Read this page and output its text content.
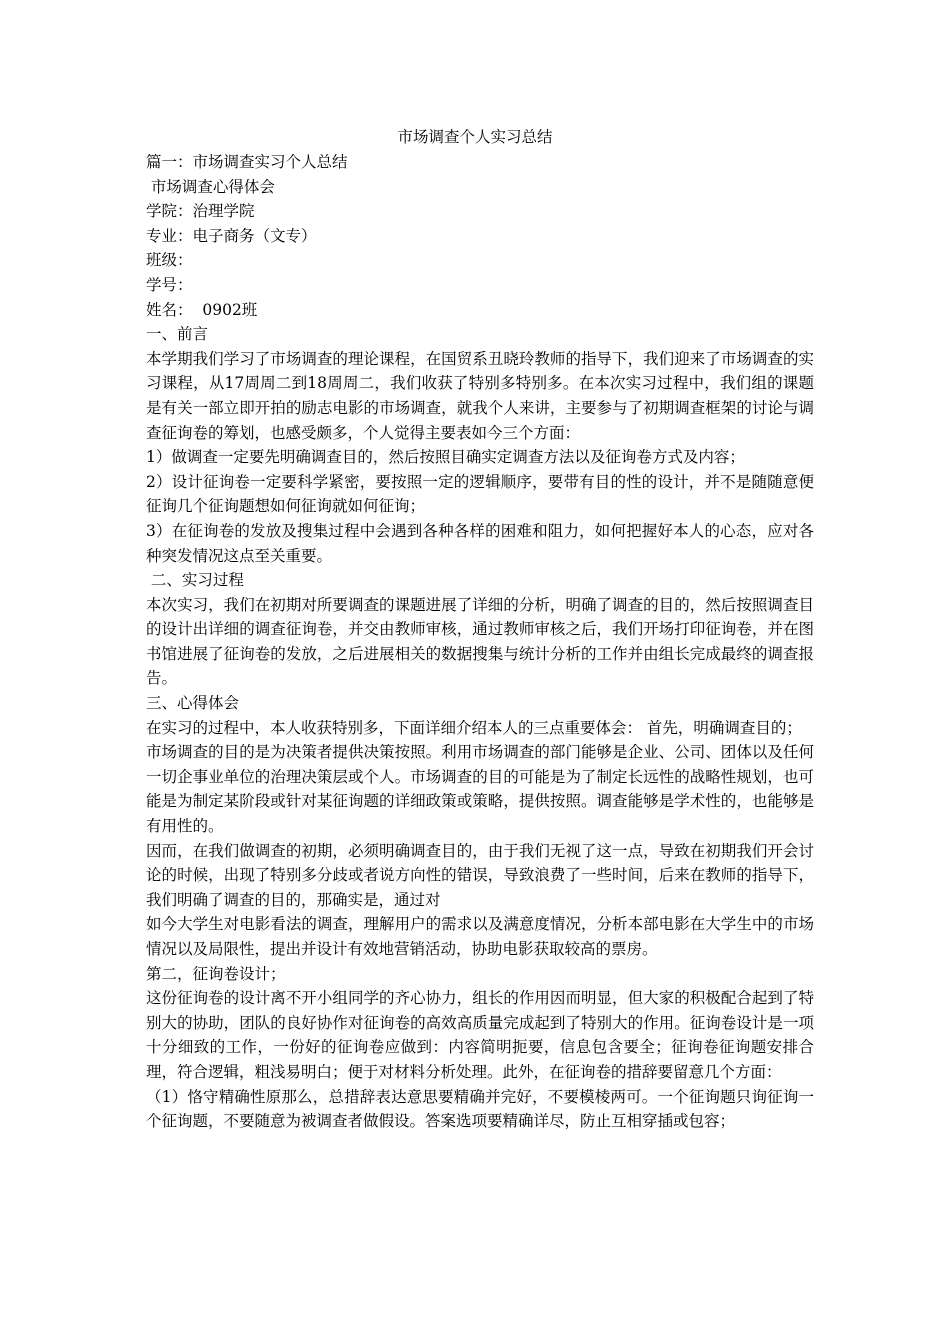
市场调查个人实习总结

篇一：市场调查实习个人总结

市场调查心得体会

学院：治理学院

专业：电子商务（文专）

班级：

学号：

姓名：  0902班

一、前言

本学期我们学习了市场调查的理论课程，在国贸系丑晓玲教师的指导下，我们迎来了市场调查的实习课程，从17周周二到18周周二，我们收获了特别多特别多。在本次实习过程中，我们组的课题是有关一部立即开拍的励志电影的市场调查，就我个人来讲，主要参与了初期调查框架的讨论与调查征询卷的筹划，也感受颇多，个人觉得主要表如今三个方面：

1）做调查一定要先明确调查目的，然后按照目确实定调查方法以及征询卷方式及内容；

2）设计征询卷一定要科学紧密，要按照一定的逻辑顺序，要带有目的性的设计，并不是随随意便征询几个征询题想如何征询就如何征询；

3）在征询卷的发放及搜集过程中会遇到各种各样的困难和阻力，如何把握好本人的心态，应对各种突发情况这点至关重要。

二、实习过程

本次实习，我们在初期对所要调查的课题进展了详细的分析，明确了调查的目的，然后按照调查目的设计出详细的调查征询卷，并交由教师审核，通过教师审核之后，我们开场打印征询卷，并在图书馆进展了征询卷的发放，之后进展相关的数据搜集与统计分析的工作并由组长完成最终的调查报告。

三、心得体会

在实习的过程中，本人收获特别多，下面详细介绍本人的三点重要体会： 首先，明确调查目的；

市场调查的目的是为决策者提供决策按照。利用市场调查的部门能够是企业、公司、团体以及任何一切企事业单位的治理决策层或个人。市场调查的目的可能是为了制定长远性的战略性规划，也可能是为制定某阶段或针对某征询题的详细政策或策略，提供按照。调查能够是学术性的，也能够是有用性的。

因而，在我们做调查的初期，必须明确调查目的，由于我们无视了这一点，导致在初期我们开会讨论的时候，出现了特别多分歧或者说方向性的错误，导致浪费了一些时间，后来在教师的指导下，我们明确了调查的目的，那确实是，通过对

如今大学生对电影看法的调查，理解用户的需求以及满意度情况，分析本部电影在大学生中的市场情况以及局限性，提出并设计有效地营销活动，协助电影获取较高的票房。

第二，征询卷设计；

这份征询卷的设计离不开小组同学的齐心协力，组长的作用因而明显，但大家的积极配合起到了特别大的协助，团队的良好协作对征询卷的高效高质量完成起到了特别大的作用。征询卷设计是一项十分细致的工作，一份好的征询卷应做到：内容简明扼要，信息包含要全；征询卷征询题安排合理，符合逻辑，粗浅易明白；便于对材料分析处理。此外，在征询卷的措辞要留意几个方面：

（1）恪守精确性原那么，总措辞表达意思要精确并完好，不要模棱两可。一个征询题只询征询一个征询题，不要随意为被调查者做假设。答案选项要精确详尽，防止互相穿插或包容；
